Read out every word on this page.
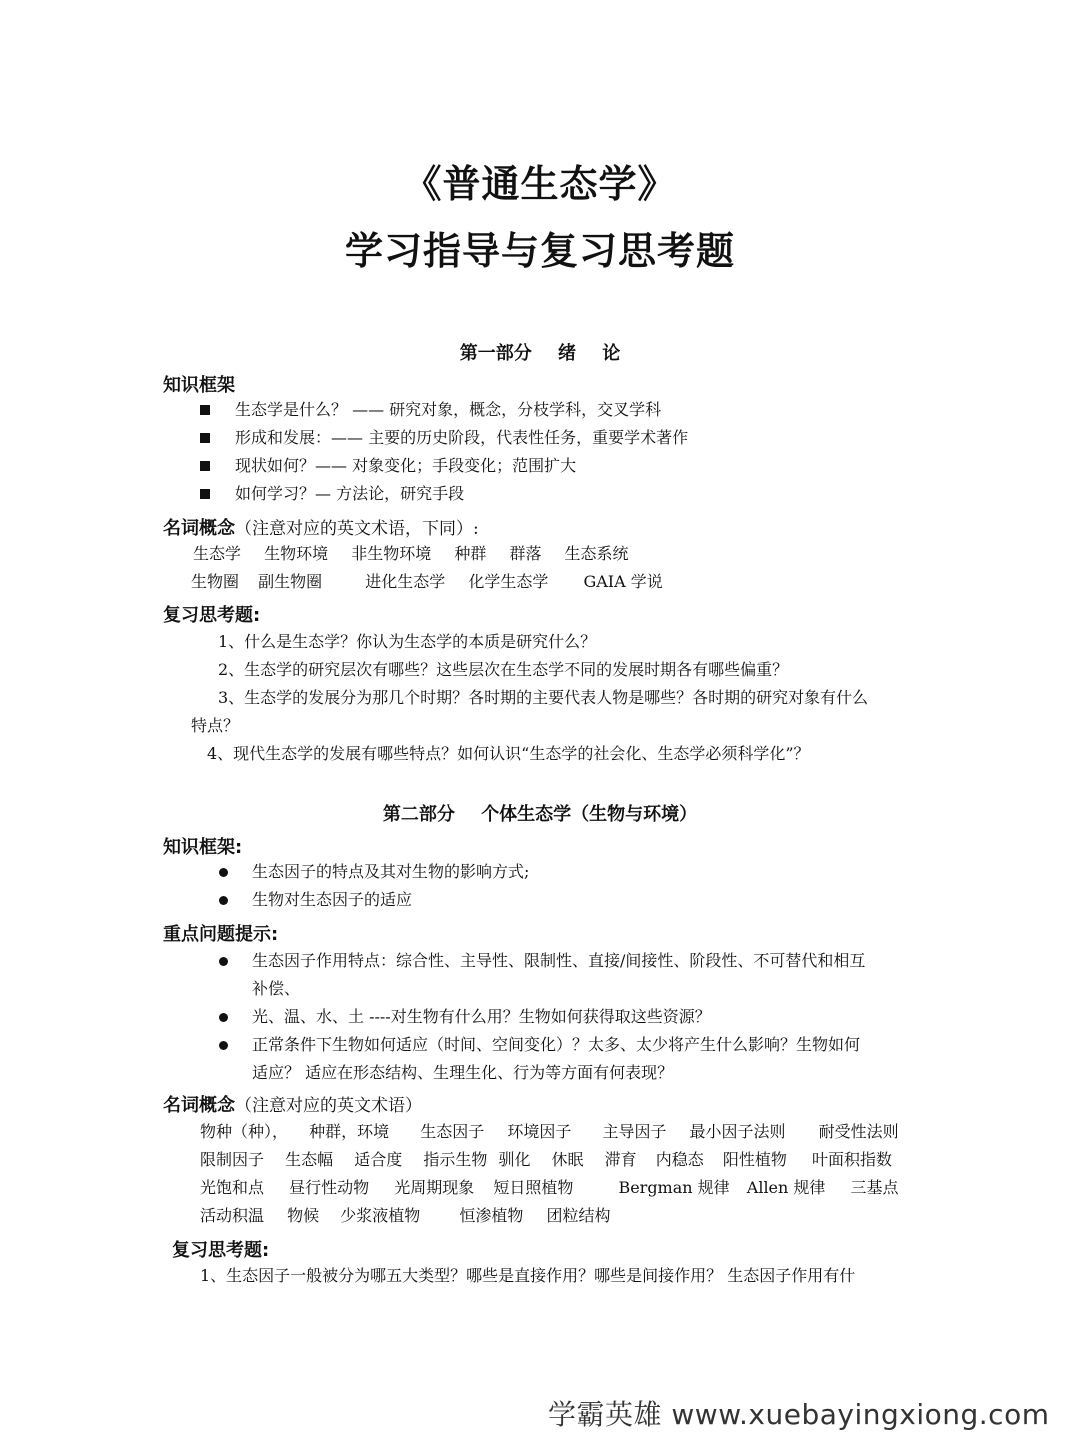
《普通生态学》
学习指导与复习思考题
第一部分 绪 论
知识框架
生态学是什么？ —— 研究对象，概念，分枝学科，交叉学科
形成和发展：—— 主要的历史阶段，代表性任务，重要学术著作
现状如何？—— 对象变化；手段变化；范围扩大
如何学习？— 方法论，研究手段
名词概念（注意对应的英文术语，下同）:
生态学 生物环境 非生物环境 种群 群落 生态系统
生物圈 副生物圈	进化生态学 化学生态学 GAIA 学说
复习思考题:
1、什么是生态学？你认为生态学的本质是研究什么？
2、生态学的研究层次有哪些？这些层次在生态学不同的发展时期各有哪些偏重？
3、生态学的发展分为那几个时期？各时期的主要代表人物是哪些？各时期的研究对象有什么
特点？
4、现代生态学的发展有哪些特点？如何认识“生态学的社会化、生态学必须科学化”？
第二部分 个体生态学（生物与环境）
知识框架:
生态因子的特点及其对生物的影响方式;
生物对生态因子的适应
重点问题提示:
生态因子作用特点：综合性、主导性、限制性、直接/间接性、阶段性、不可替代和相互
补偿、
光、温、水、土 ----对生物有什么用？生物如何获得取这些资源？
正常条件下生物如何适应（时间、空间变化）？太多、太少将产生什么影响？生物如何
适应？ 适应在形态结构、生理生化、行为等方面有何表现？
名词概念（注意对应的英文术语）
物种（种）， 种群，环境 生态因子 环境因子 主导因子 最小因子法则 耐受性法则
限制因子 生态幅 适合度 指示生物 驯化 休眠 滞育 内稳态 阳性植物 叶面积指数
光饱和点 昼行性动物 光周期现象 短日照植物	Bergman 规律 Allen 规律 三基点
活动积温 物候 少浆液植物 恒渗植物 团粒结构
复习思考题:
1、生态因子一般被分为哪五大类型？哪些是直接作用？哪些是间接作用？ 生态因子作用有什
学霸英雄 www.xuebayingxiong.com
